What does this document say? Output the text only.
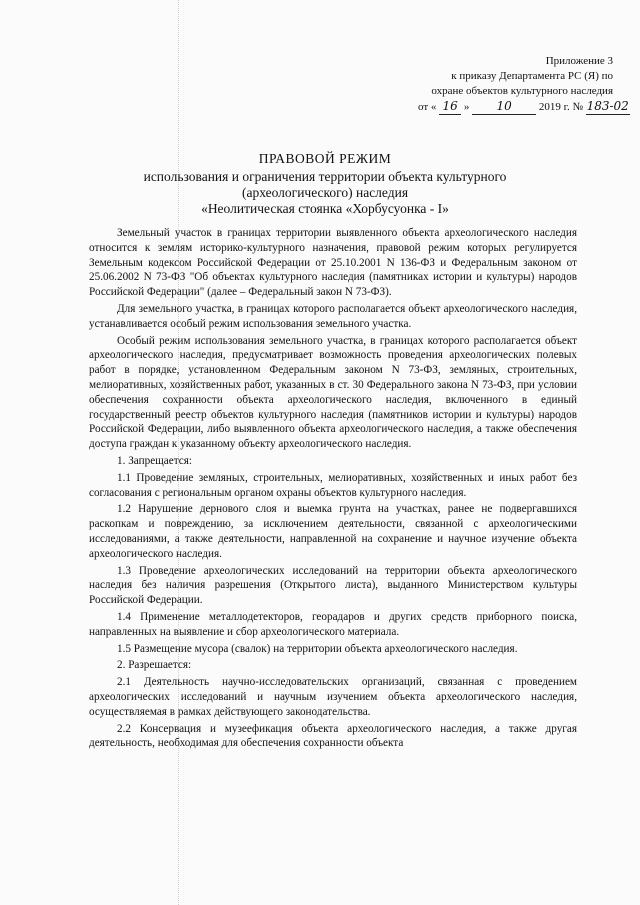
Приложение 3
к приказу Департамента РС (Я) по
охране объектов культурного наследия
от « 16 » 10 2019 г. № 183-02
ПРАВОВОЙ РЕЖИМ
использования и ограничения территории объекта культурного
(археологического) наследия
«Неолитическая стоянка «Хорбусуонка - I»

Земельный участок в границах территории выявленного объекта археологического наследия относится к землям историко-культурного назначения, правовой режим которых регулируется Земельным кодексом Российской Федерации от 25.10.2001 N 136-ФЗ и Федеральным законом от 25.06.2002 N 73-ФЗ "Об объектах культурного наследия (памятниках истории и культуры) народов Российской Федерации" (далее – Федеральный закон N 73-ФЗ).

Для земельного участка, в границах которого располагается объект археологического наследия, устанавливается особый режим использования земельного участка.

Особый режим использования земельного участка, в границах которого располагается объект археологического наследия, предусматривает возможность проведения археологических полевых работ в порядке, установленном Федеральным законом N 73-ФЗ, земляных, строительных, мелиоративных, хозяйственных работ, указанных в ст. 30 Федерального закона N 73-ФЗ, при условии обеспечения сохранности объекта археологического наследия, включенного в единый государственный реестр объектов культурного наследия (памятников истории и культуры) народов Российской Федерации, либо выявленного объекта археологического наследия, а также обеспечения доступа граждан к указанному объекту археологического наследия.

1. Запрещается:

1.1 Проведение земляных, строительных, мелиоративных, хозяйственных и иных работ без согласования с региональным органом охраны объектов культурного наследия.

1.2 Нарушение дернового слоя и выемка грунта на участках, ранее не подвергавшихся раскопкам и повреждению, за исключением деятельности, связанной с археологическими исследованиями, а также деятельности, направленной на сохранение и научное изучение объекта археологического наследия.

1.3 Проведение археологических исследований на территории объекта археологического наследия без наличия разрешения (Открытого листа), выданного Министерством культуры Российской Федерации.

1.4 Применение металлодетекторов, георадаров и других средств приборного поиска, направленных на выявление и сбор археологического материала.

1.5 Размещение мусора (свалок) на территории объекта археологического наследия.

2. Разрешается:

2.1 Деятельность научно-исследовательских организаций, связанная с проведением археологических исследований и научным изучением объекта археологического наследия, осуществляемая в рамках действующего законодательства.

2.2 Консервация и музеефикация объекта археологического наследия, а также другая деятельность, необходимая для обеспечения сохранности объекта
